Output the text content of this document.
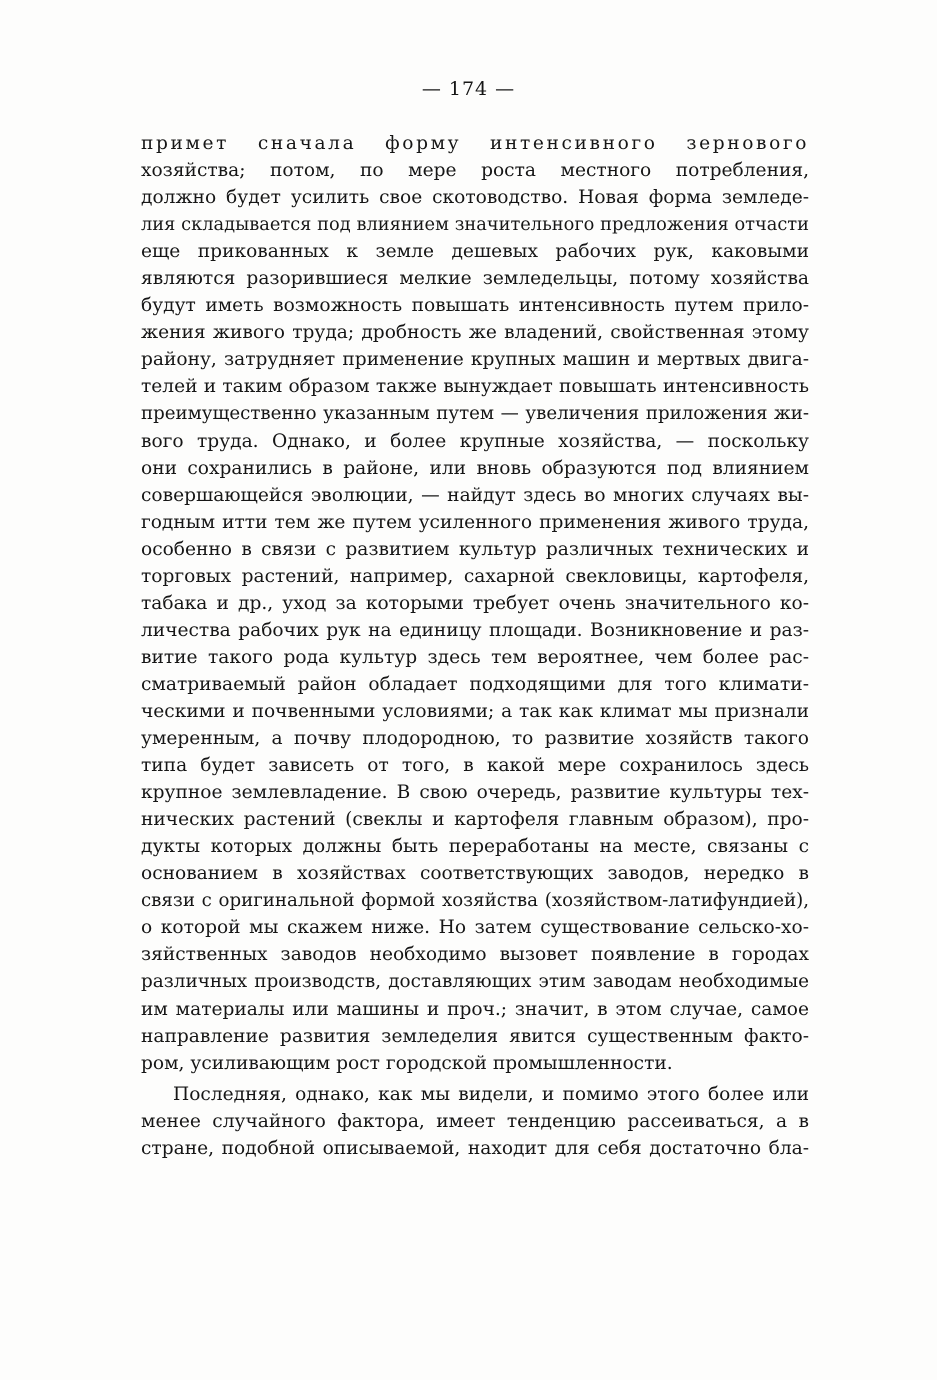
— 174 —
примет сначала форму интенсивного зернового
хозяйства; потом, по мере роста местного потребления,
должно будет усилить свое скотоводство. Новая форма земледе-
лия складывается под влиянием значительного предложения отчасти
еще прикованных к земле дешевых рабочих рук, каковыми
являются разорившиеся мелкие земледельцы, потому хозяйства
будут иметь возможность повышать интенсивность путем прило-
жения живого труда; дробность же владений, свойственная этому
району, затрудняет применение крупных машин и мертвых двига-
телей и таким образом также вынуждает повышать интенсивность
преимущественно указанным путем — увеличения приложения жи-
вого труда. Однако, и более крупные хозяйства, — поскольку
они сохранились в районе, или вновь образуются под влиянием
совершающейся эволюции, — найдут здесь во многих случаях вы-
годным итти тем же путем усиленного применения живого труда,
особенно в связи с развитием культур различных технических и
торговых растений, например, сахарной свекловицы, картофеля,
табака и др., уход за которыми требует очень значительного ко-
личества рабочих рук на единицу площади. Возникновение и раз-
витие такого рода культур здесь тем вероятнее, чем более рас-
сматриваемый район обладает подходящими для того климати-
ческими и почвенными условиями; а так как климат мы признали
умеренным, а почву плодородною, то развитие хозяйств такого
типа будет зависеть от того, в какой мере сохранилось здесь
крупное землевладение. В свою очередь, развитие культуры тех-
нических растений (свеклы и картофеля главным образом), про-
дукты которых должны быть переработаны на месте, связаны с
основанием в хозяйствах соответствующих заводов, нередко в
связи с оригинальной формой хозяйства (хозяйством-латифундией),
о которой мы скажем ниже. Но затем существование сельско-хо-
зяйственных заводов необходимо вызовет появление в городах
различных производств, доставляющих этим заводам необходимые
им материалы или машины и проч.; значит, в этом случае, самое
направление развития земледелия явится существенным факто-
ром, усиливающим рост городской промышленности.
Последняя, однако, как мы видели, и помимо этого более или
менее случайного фактора, имеет тенденцию рассеиваться, а в
стране, подобной описываемой, находит для себя достаточно бла-
